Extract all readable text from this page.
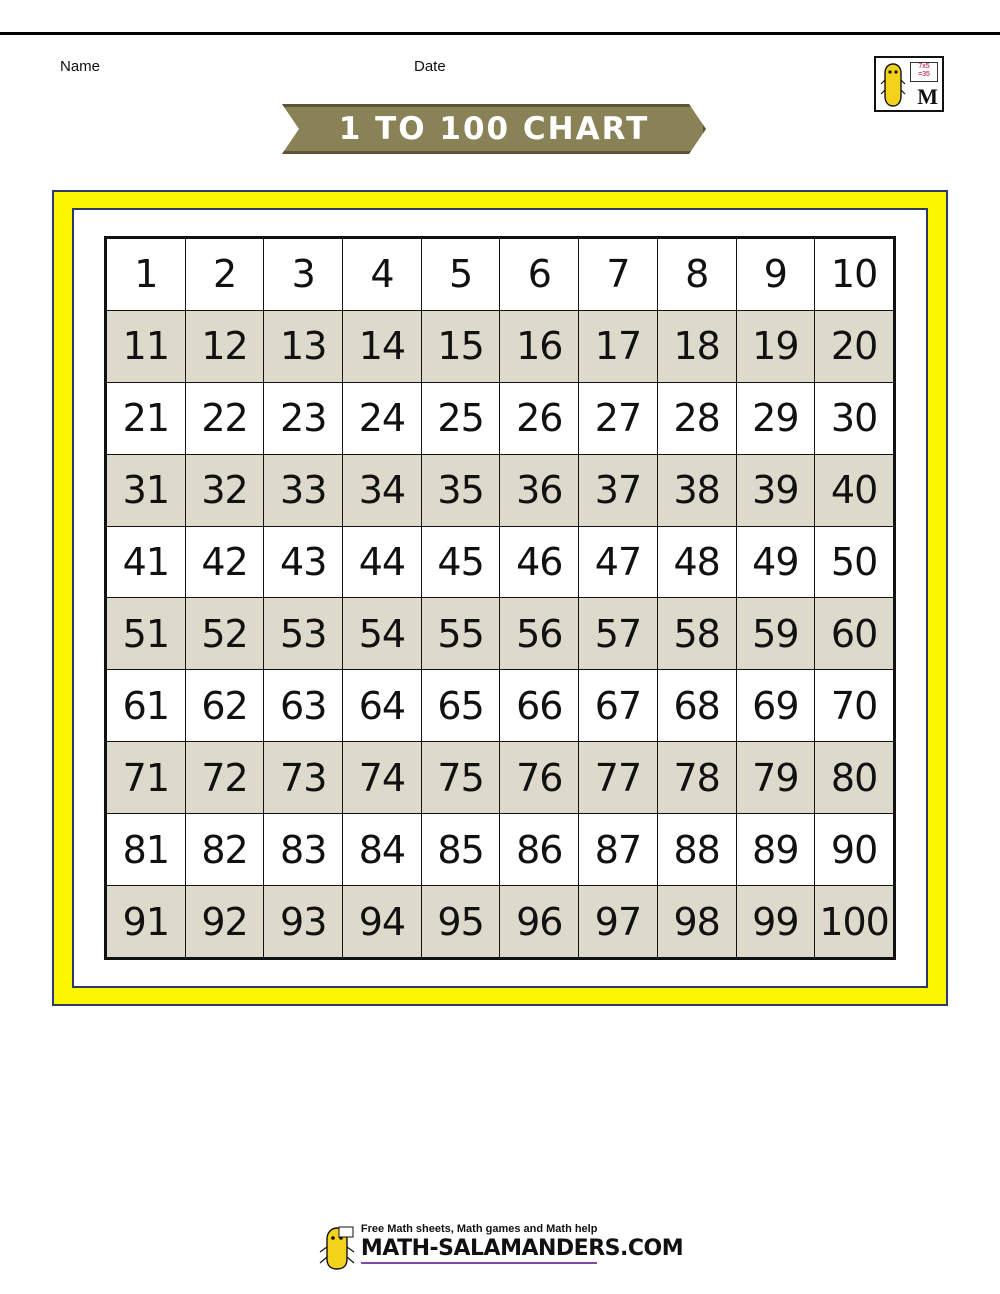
Name	Date	7x5
=35
M
1 TO 100 CHART
1	2	3	4	5	6	7	8	9	10
11	12	13	14	15	16	17	18	19	20
21	22	23	24	25	26	27	28	29	30
31	32	33	34	35	36	37	38	39	40
41	42	43	44	45	46	47	48	49	50
51	52	53	54	55	56	57	58	59	60
61	62	63	64	65	66	67	68	69	70
71	72	73	74	75	76	77	78	79	80
81	82	83	84	85	86	87	88	89	90
91	92	93	94	95	96	97	98	99	100
Free Math sheets, Math games and Math help
MATH-SALAMANDERS.COM
